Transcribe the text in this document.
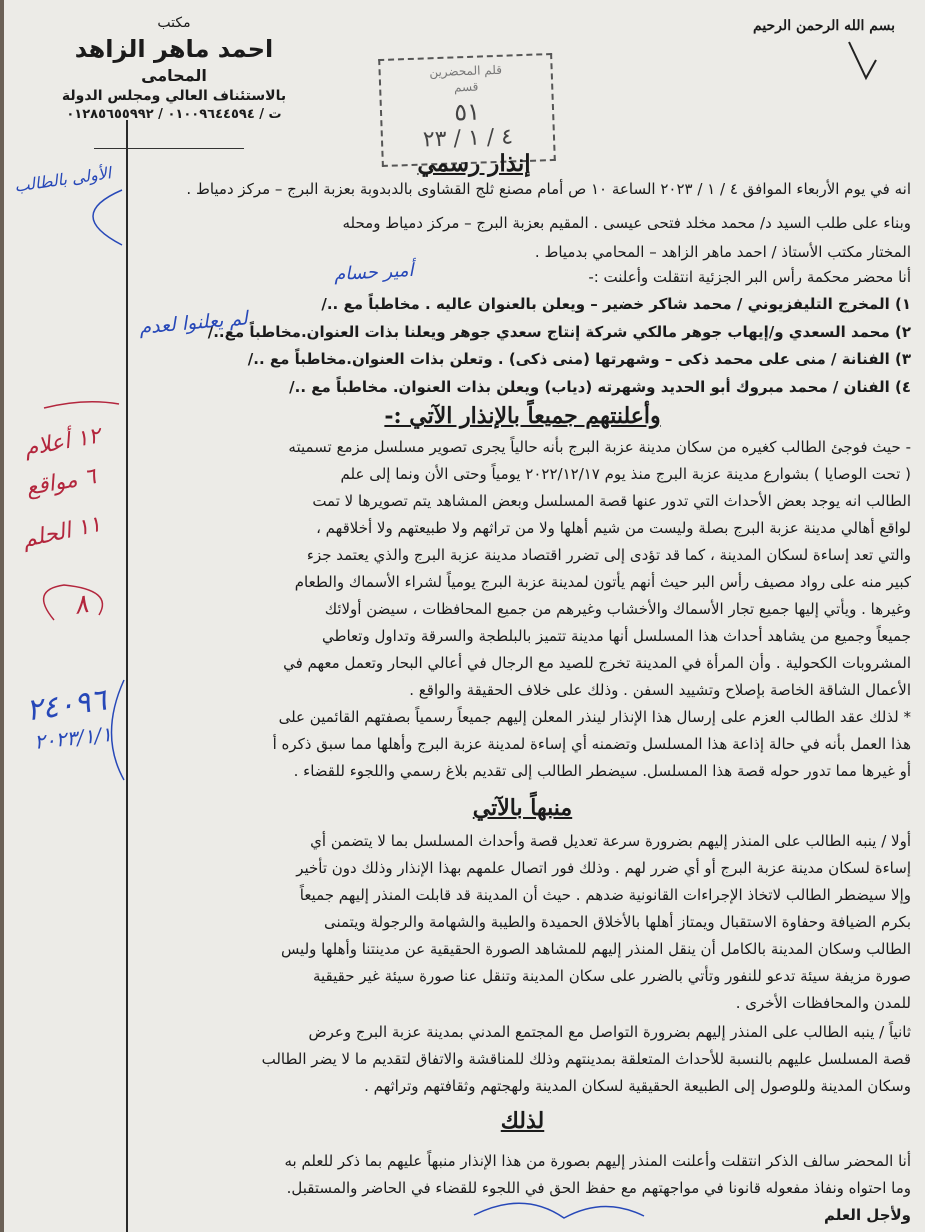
بسم الله الرحمن الرحيم
مكتب
احمد ماهر الزاهد
المحامى
بالاستئناف العالي ومجلس الدولة
ت / ٠١٠٠٩٦٤٤٥٩٤ / ٠١٢٨٥٦٥٥٩٩٢
قلم المحضرين
قسم
٥١
٤ / ١ / ٢٣
إنذار رسمي
انه في يوم الأربعاء الموافق ٤ / ١ / ٢٠٢٣ الساعة ١٠ ص أمام مصنع ثلج القشاوى بالدبدوبة بعزبة البرج – مركز دمياط .
وبناء على طلب السيد د/ محمد مخلد فتحى عيسى . المقيم بعزبة البرج – مركز دمياط ومحله
المختار مكتب الأستاذ / احمد ماهر الزاهد – المحامي بدمياط .
أنا محضر محكمة رأس البر الجزئية انتقلت وأعلنت :-
١) المخرج التليفزيوني / محمد شاكر خضير – ويعلن بالعنوان عاليه . مخاطباً مع ../
٢) محمد السعدي و/إيهاب جوهر مالكي شركة إنتاج سعدي جوهر ويعلنا بذات العنوان.مخاطباً مع../
٣) الفنانة / منى على محمد ذكى – وشهرتها (منى ذكى) . وتعلن بذات العنوان.مخاطباً مع ../
٤) الفنان / محمد مبروك أبو الحديد وشهرته (دياب) ويعلن بذات العنوان. مخاطباً مع ../
وأعلنتهم جميعاً بالإنذار الآتي :-
- حيث فوجئ الطالب كغيره من سكان مدينة عزبة البرج بأنه حالياً يجرى تصوير مسلسل مزمع تسميته
( تحت الوصايا ) بشوارع مدينة عزبة البرج منذ يوم ٢٠٢٢/١٢/١٧ يومياً وحتى الأن ونما إلى علم
الطالب انه يوجد بعض الأحداث التي تدور عنها قصة المسلسل وبعض المشاهد يتم تصويرها لا تمت
لواقع أهالي مدينة عزبة البرج بصلة وليست من شيم أهلها ولا من تراثهم ولا طبيعتهم ولا أخلاقهم ،
والتي تعد إساءة لسكان المدينة ، كما قد تؤدى إلى تضرر اقتصاد مدينة عزبة البرج والذي يعتمد جزء
كبير منه على رواد مصيف رأس البر حيث أنهم يأتون لمدينة عزبة البرج يومياً لشراء الأسماك والطعام
وغيرها . ويأتي إليها جميع تجار الأسماك والأخشاب وغيرهم من جميع المحافظات ، سيضن أولائك
جميعاً وجميع من يشاهد أحداث هذا المسلسل أنها مدينة تتميز بالبلطجة والسرقة وتداول وتعاطي
المشروبات الكحولية . وأن المرأة في المدينة تخرج للصيد مع الرجال في أعالي البحار وتعمل معهم في
الأعمال الشاقة الخاصة بإصلاح وتشييد السفن . وذلك على خلاف الحقيقة والواقع .
* لذلك عقد الطالب العزم على إرسال هذا الإنذار لينذر المعلن إليهم جميعاً رسمياً بصفتهم القائمين على
هذا العمل بأنه في حالة إذاعة هذا المسلسل وتضمنه أي إساءة لمدينة عزبة البرج وأهلها مما سبق ذكره أ
أو غيرها مما تدور حوله قصة هذا المسلسل. سيضطر الطالب إلى تقديم بلاغ رسمي واللجوء للقضاء .
منبهاً بالآتي
أولا / ينبه الطالب على المنذر إليهم بضرورة سرعة تعديل قصة وأحداث المسلسل بما لا يتضمن أي
إساءة لسكان مدينة عزبة البرج أو أي ضرر لهم . وذلك فور اتصال علمهم بهذا الإنذار وذلك دون تأخير
وإلا سيضطر الطالب لاتخاذ الإجراءات القانونية ضدهم . حيث أن المدينة قد قابلت المنذر إليهم جميعاً
بكرم الضيافة وحفاوة الاستقبال ويمتاز أهلها بالأخلاق الحميدة والطيبة والشهامة والرجولة ويتمنى
الطالب وسكان المدينة بالكامل أن ينقل المنذر إليهم للمشاهد الصورة الحقيقية عن مدينتنا وأهلها وليس
صورة مزيفة سيئة تدعو للنفور وتأتي بالضرر على سكان المدينة وتنقل عنا صورة سيئة غير حقيقية
للمدن والمحافظات الأخرى .
ثانياً / ينبه الطالب على المنذر إليهم بضرورة التواصل مع المجتمع المدني بمدينة عزبة البرج وعرض
قصة المسلسل عليهم بالنسبة للأحداث المتعلقة بمدينتهم وذلك للمناقشة والاتفاق لتقديم ما لا يضر الطالب
وسكان المدينة وللوصول إلى الطبيعة الحقيقية لسكان المدينة ولهجتهم وثقافتهم وتراثهم .
لذلك
أنا المحضر سالف الذكر انتقلت وأعلنت المنذر إليهم بصورة من هذا الإنذار منبهاً عليهم بما ذكر للعلم به
وما احتواه ونفاذ مفعوله قانونا في مواجهتهم مع حفظ الحق في اللجوء للقضاء في الحاضر والمستقبل.
ولأجل العلم
الأولى بالطالب
أمير حسام
لم يعلنوا لعدم
١٢ أعلام
٦ مواقع
١١ الحلم
٨
٢٤٠٩٦
٢٠٢٣/١/١
